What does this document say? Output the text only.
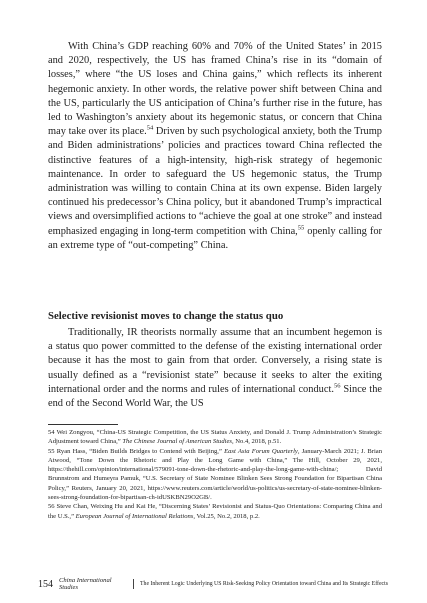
With China’s GDP reaching 60% and 70% of the United States’ in 2015 and 2020, respectively, the US has framed China’s rise in its “domain of losses,” where “the US loses and China gains,” which reflects its inherent hegemonic anxiety. In other words, the relative power shift between China and the US, particularly the US anticipation of China’s further rise in the future, has led to Washington’s anxiety about its hegemonic status, or concern that China may take over its place.$^{54}$ Driven by such psychological anxiety, both the Trump and Biden administrations’ policies and practices toward China reflected the distinctive features of a high-intensity, high-risk strategy of hegemonic maintenance. In order to safeguard the US hegemonic status, the Trump administration was willing to contain China at its own expense. Biden largely continued his predecessor’s China policy, but it abandoned Trump’s impractical views and oversimplified actions to “achieve the goal at one stroke” and instead emphasized engaging in long-term competition with China,$^{55}$ openly calling for an extreme type of “out-competing” China.

Selective revisionist moves to change the status quo

Traditionally, IR theorists normally assume that an incumbent hegemon is a status quo power committed to the defense of the existing international order because it has the most to gain from that order. Conversely, a rising state is usually defined as a “revisionist state” because it seeks to alter the exiting international order and the norms and rules of international conduct.$^{56}$ Since the end of the Second World War, the US

54 Wei Zongyou, “China-US Strategic Competition, the US Status Anxiety, and Donald J. Trump Administration’s Strategic Adjustment toward China,” The Chinese Journal of American Studies, No.4, 2018, p.51.

55 Ryan Hass, “Biden Builds Bridges to Contend with Beijing,” East Asia Forum Quarterly, January-March 2021; J. Brian Atwood, “Tone Down the Rhetoric and Play the Long Game with China,” The Hill, October 29, 2021, https://thehill.com/opinion/international/579091-tone-down-the-rhetoric-and-play-the-long-game-with-china/; David Brunnstrom and Humeyra Pamuk, “U.S. Secretary of State Nominee Blinken Sees Strong Foundation for Bipartisan China Policy,” Reuters, January 20, 2021, https://www.reuters.com/article/world/us-politics/us-secretary-of-state-nominee-blinken-sees-strong-foundation-for-bipartisan-ch-idUSKBN29O2GB/.

56 Steve Chan, Weixing Hu and Kai He, “Discerning States’ Revisionist and Status-Quo Orientations: Comparing China and the U.S.,” European Journal of International Relations, Vol.25, No.2, 2018, p.2.

154 China International Studies	The Inherent Logic Underlying US Risk-Seeking Policy Orientation toward China and Its Strategic Effects
